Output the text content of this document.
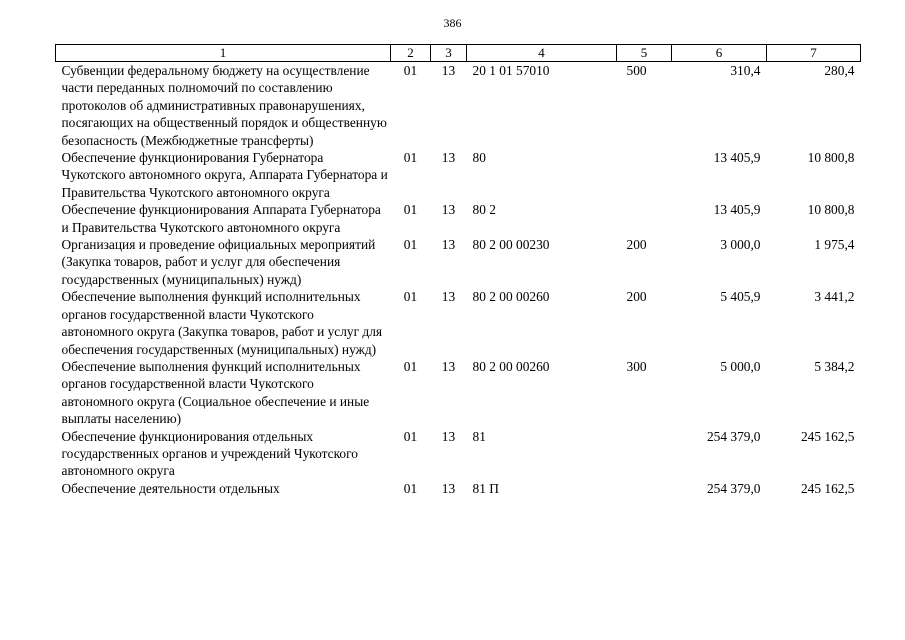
386
1	2	3	4	5	6	7
Субвенции федеральному бюджету на осуществление части переданных полномочий по составлению протоколов об административных правонарушениях, посягающих на общественный порядок и общественную безопасность (Межбюджетные трансферты)	01	13	20 1 01 57010	500	310,4	280,4
Обеспечение функционирования Губернатора Чукотского автономного округа, Аппарата Губернатора и Правительства Чукотского автономного округа	01	13	80		13 405,9	10 800,8
Обеспечение функционирования Аппарата Губернатора и Правительства Чукотского автономного округа	01	13	80 2		13 405,9	10 800,8
Организация и проведение официальных мероприятий (Закупка товаров, работ и услуг для обеспечения государственных (муниципальных) нужд)	01	13	80 2 00 00230	200	3 000,0	1 975,4
Обеспечение выполнения функций исполнительных органов государственной власти Чукотского автономного округа (Закупка товаров, работ и услуг для обеспечения государственных (муниципальных) нужд)	01	13	80 2 00 00260	200	5 405,9	3 441,2
Обеспечение выполнения функций исполнительных органов государственной власти Чукотского автономного округа (Социальное обеспечение и иные выплаты населению)	01	13	80 2 00 00260	300	5 000,0	5 384,2
Обеспечение функционирования отдельных государственных органов и учреждений Чукотского автономного округа	01	13	81		254 379,0	245 162,5
Обеспечение деятельности отдельных	01	13	81 П		254 379,0	245 162,5
